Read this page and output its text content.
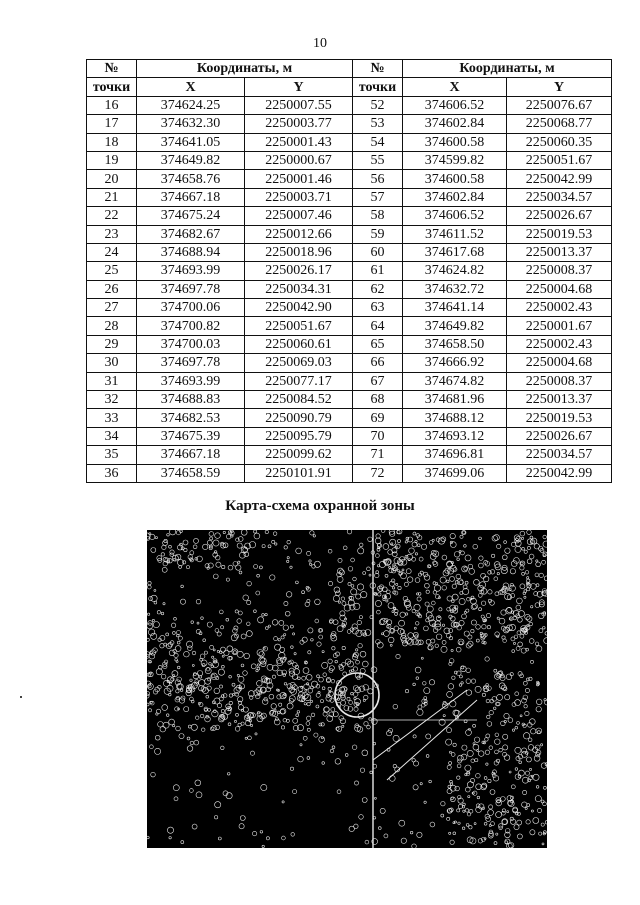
10
№	Координаты, м		№	Координаты, м	
точки	X	Y	точки	X	Y
16	374624.25	2250007.55	52	374606.52	2250076.67
17	374632.30	2250003.77	53	374602.84	2250068.77
18	374641.05	2250001.43	54	374600.58	2250060.35
19	374649.82	2250000.67	55	374599.82	2250051.67
20	374658.76	2250001.46	56	374600.58	2250042.99
21	374667.18	2250003.71	57	374602.84	2250034.57
22	374675.24	2250007.46	58	374606.52	2250026.67
23	374682.67	2250012.66	59	374611.52	2250019.53
24	374688.94	2250018.96	60	374617.68	2250013.37
25	374693.99	2250026.17	61	374624.82	2250008.37
26	374697.78	2250034.31	62	374632.72	2250004.68
27	374700.06	2250042.90	63	374641.14	2250002.43
28	374700.82	2250051.67	64	374649.82	2250001.67
29	374700.03	2250060.61	65	374658.50	2250002.43
30	374697.78	2250069.03	66	374666.92	2250004.68
31	374693.99	2250077.17	67	374674.82	2250008.37
32	374688.83	2250084.52	68	374681.96	2250013.37
33	374682.53	2250090.79	69	374688.12	2250019.53
34	374675.39	2250095.79	70	374693.12	2250026.67
35	374667.18	2250099.62	71	374696.81	2250034.57
36	374658.59	2250101.91	72	374699.06	2250042.99
Карта-схема охранной зоны
